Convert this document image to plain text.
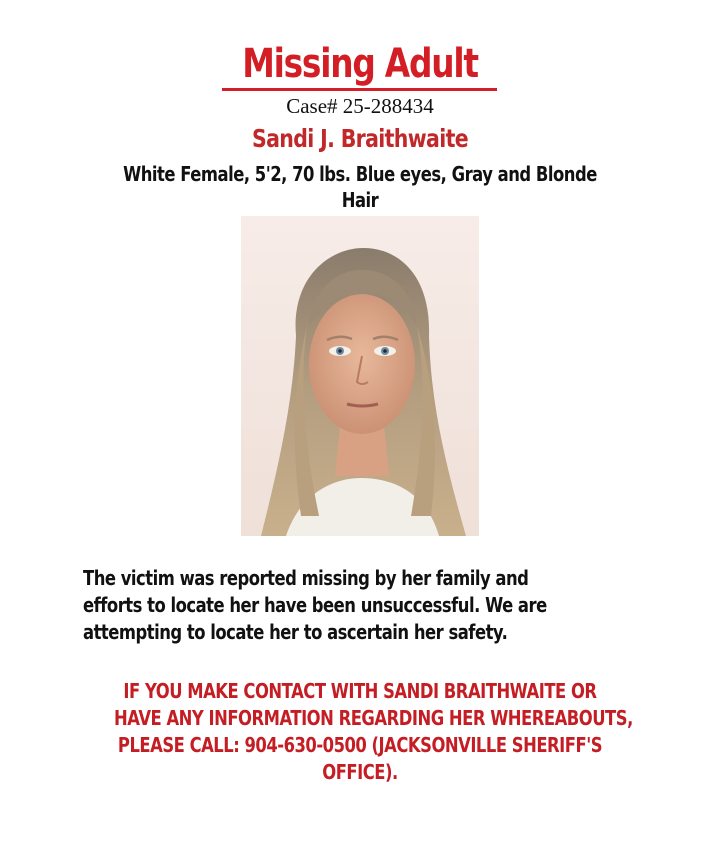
Missing Adult
Case# 25-288434
Sandi J. Braithwaite
White Female, 5'2, 70 lbs. Blue eyes, Gray and Blonde Hair
The victim was reported missing by her family and
efforts to locate her have been unsuccessful. We are
attempting to locate her to ascertain her safety.
IF YOU MAKE CONTACT WITH SANDI BRAITHWAITE OR
HAVE ANY INFORMATION REGARDING HER WHEREABOUTS,
PLEASE CALL: 904-630-0500 (JACKSONVILLE SHERIFF'S
OFFICE).
